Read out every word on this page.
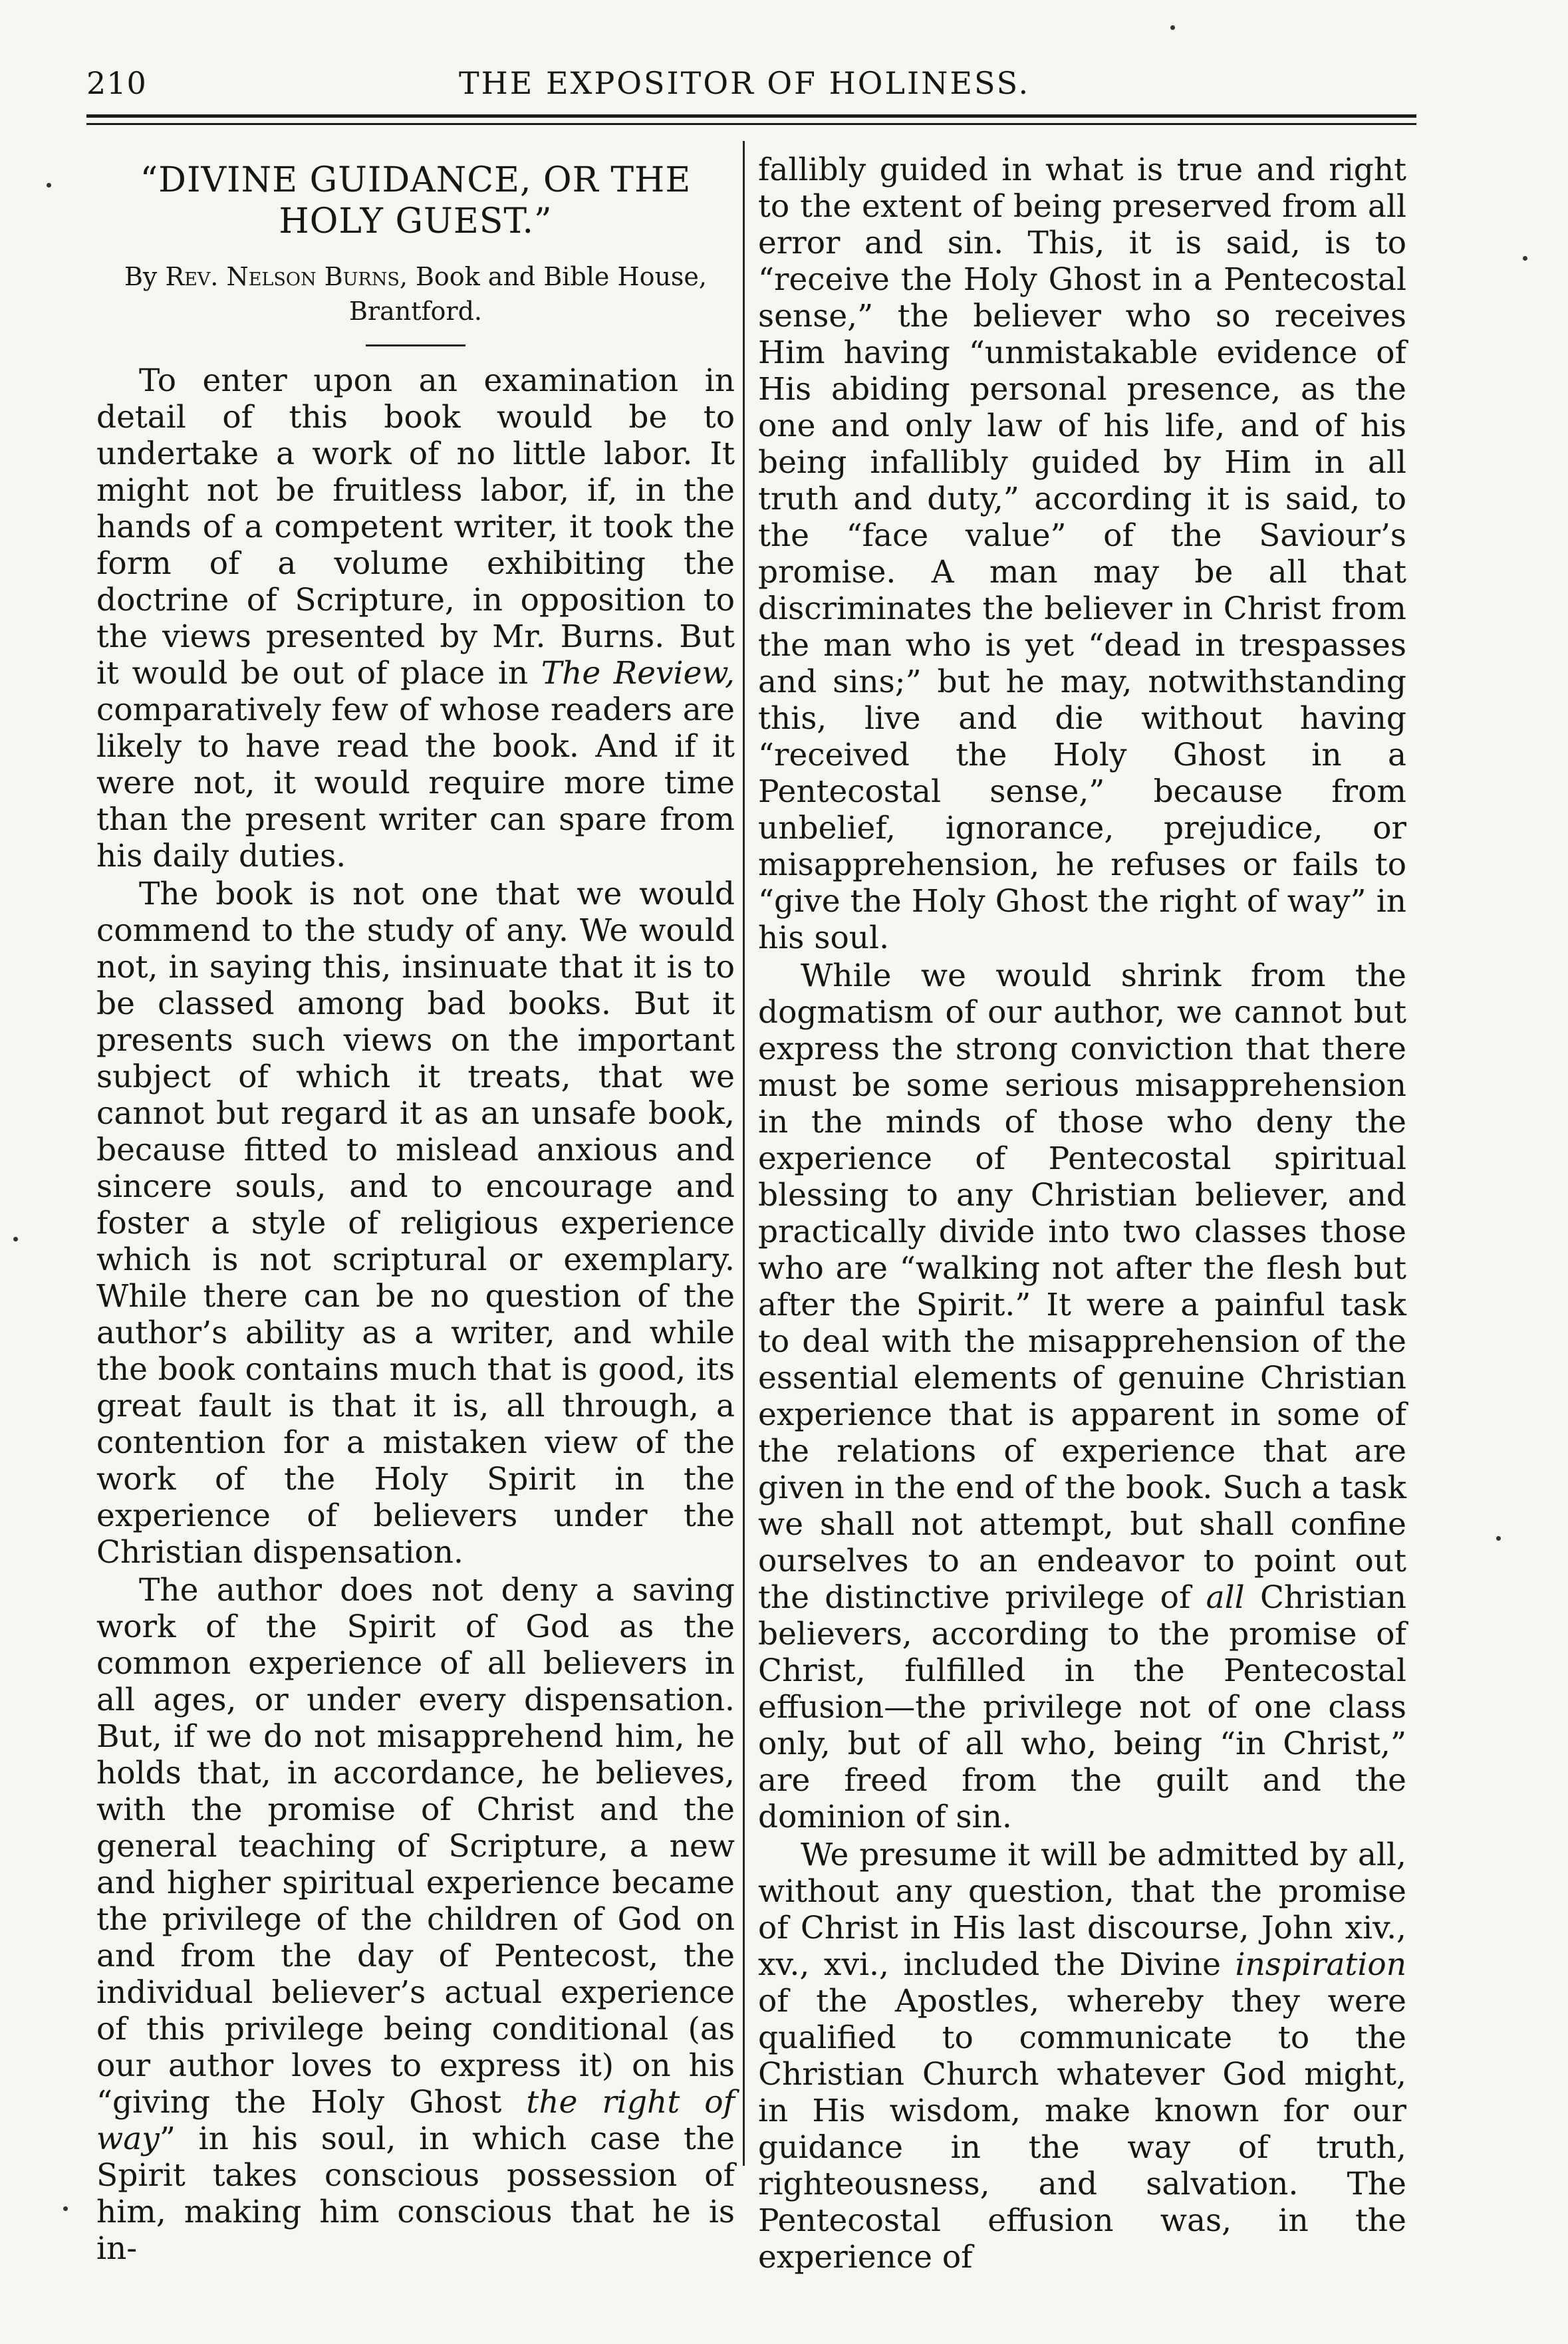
210	THE EXPOSITOR OF HOLINESS.
“DIVINE GUIDANCE, OR THE HOLY GUEST.”
By Rev. Nelson Burns, Book and Bible House, Brantford.

To enter upon an examination in detail of this book would be to undertake a work of no little labor. It might not be fruitless labor, if, in the hands of a competent writer, it took the form of a volume exhibiting the doctrine of Scripture, in opposition to the views presented by Mr. Burns. But it would be out of place in The Review, comparatively few of whose readers are likely to have read the book. And if it were not, it would require more time than the present writer can spare from his daily duties.

The book is not one that we would commend to the study of any. We would not, in saying this, insinuate that it is to be classed among bad books. But it presents such views on the important subject of which it treats, that we cannot but regard it as an unsafe book, because fitted to mislead anxious and sincere souls, and to encourage and foster a style of religious experience which is not scriptural or exemplary. While there can be no question of the author’s ability as a writer, and while the book contains much that is good, its great fault is that it is, all through, a contention for a mistaken view of the work of the Holy Spirit in the experience of believers under the Christian dispensation.

The author does not deny a saving work of the Spirit of God as the common experience of all believers in all ages, or under every dispensation. But, if we do not misapprehend him, he holds that, in accordance, he believes, with the promise of Christ and the general teaching of Scripture, a new and higher spiritual experience became the privilege of the children of God on and from the day of Pentecost, the individual believer’s actual experience of this privilege being conditional (as our author loves to express it) on his “giving the Holy Ghost the right of way” in his soul, in which case the Spirit takes conscious possession of him, making him conscious that he is in-

fallibly guided in what is true and right to the extent of being preserved from all error and sin. This, it is said, is to “receive the Holy Ghost in a Pentecostal sense,” the believer who so receives Him having “unmistakable evidence of His abiding personal presence, as the one and only law of his life, and of his being infallibly guided by Him in all truth and duty,” according it is said, to the “face value” of the Saviour’s promise. A man may be all that discriminates the believer in Christ from the man who is yet “dead in trespasses and sins;” but he may, notwithstanding this, live and die without having “received the Holy Ghost in a Pentecostal sense,” because from unbelief, ignorance, prejudice, or misapprehension, he refuses or fails to “give the Holy Ghost the right of way” in his soul.

While we would shrink from the dogmatism of our author, we cannot but express the strong conviction that there must be some serious misapprehension in the minds of those who deny the experience of Pentecostal spiritual blessing to any Christian believer, and practically divide into two classes those who are “walking not after the flesh but after the Spirit.” It were a painful task to deal with the misapprehension of the essential elements of genuine Christian experience that is apparent in some of the relations of experience that are given in the end of the book. Such a task we shall not attempt, but shall confine ourselves to an endeavor to point out the distinctive privilege of all Christian believers, according to the promise of Christ, fulfilled in the Pentecostal effusion—the privilege not of one class only, but of all who, being “in Christ,” are freed from the guilt and the dominion of sin.

We presume it will be admitted by all, without any question, that the promise of Christ in His last discourse, John xiv., xv., xvi., included the Divine inspiration of the Apostles, whereby they were qualified to communicate to the Christian Church whatever God might, in His wisdom, make known for our guidance in the way of truth, righteousness, and salvation. The Pentecostal effusion was, in the experience of
